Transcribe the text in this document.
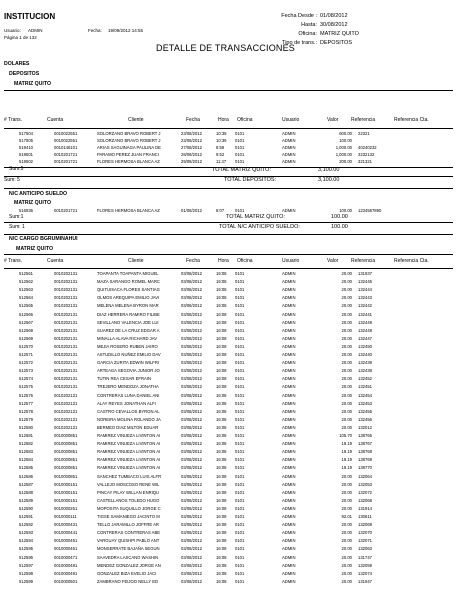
INSTITUCION
Usuario: ADMIN	Fecha: 19/09/2012 14:55
Página 1 de 132
Fecha Desde : 01/08/2012
Hasta: 30/08/2012
Oficina: MATRIZ QUITO
Tipo de trans.: DEPOSITOS
DETALLE DE TRANSACCIONES
DOLARES
DEPOSITOS
MATRIZ QUITO
# Trans.	Cuenta	Cliente	Fecha	Hora Oficina	Usuario	Valor	Referencia	Referencia Cta.
517504	0010022551	SOLORZANO BRAVO ROBERT J	23/08/2012	10:35	0101	ADMIN	600.00 22321
517505	0010022551	SOLORZANO BRAVO ROBERT J	23/08/2012	10:39	0101	ADMIN	100.00
519410	0010146101	ARIAS SAGUINAGA PAULINA DE	27/08/2012	8:59	0101	ADMIN	1,000.00 40240232
519501	0010201721	PARAMO PEREZ JUAN FRANCI	28/08/2012	9:52	0101	ADMIN	1,000.00 3232132
519502	0010201721	FLORES HERMOSA BLANCA AZ	29/08/2012	11:47	0101	ADMIN	200.00 321321
Sum:5	TOTAL MATRIZ QUITO:	3,100.00
Sum: 5	TOTAL DEPOSITOS:	3,100.00
N/C ANTICIPO SUELDO
MATRIZ QUITO
516936	0010201721	FLORES HERMOSA BLANCA AZ	01/08/2012	8:07	0101	ADMIN	100.00 1234567890
Sum:1	TOTAL MATRIZ QUITO:	100.00
Sum: 1	TOTAL N/C ANTICIPO SUELDO:	100.00
N/C CARGO BGRUMINAHUI
MATRIZ QUITO
# Trans.	Cuenta	Cliente	Fecha	Hora Oficina	Usuario	Valor	Referencia	Referencia Cta.
512561	0010202131	TOAPANTA TOAPANTA MIGUEL	03/08/2012	16:08	0101	ADMIN	20.00 131937
512562	0010202131	MAZA SARANGO ROMEL MARC	03/08/2012	16:08	0101	ADMIN	20.00 132445
512563	0010202131	QUITUISACA FLORES SANTIAG	03/08/2012	16:08	0101	ADMIN	20.00 132444
512564	0010202131	OLMOS AREQUIPA EMILIO JAVI	03/08/2012	16:08	0101	ADMIN	20.00 132443
512565	0010202131	MELENA MELENA BYRON MAR	03/08/2012	16:08	0101	ADMIN	20.00 132442
512566	0010202131	DIAZ HERRERA RAMIRO FILIBE	03/08/2012	16:08	0101	ADMIN	20.00 132441
512567	0010202131	SEVILLANO VALENCIA JOE LUI	03/08/2012	16:08	0101	ADMIN	20.00 132449
512568	0010202131	SUAREZ DE LA CRUZ EDGAR A	03/08/2012	16:08	0101	ADMIN	20.00 132448
512569	0010202131	MINALLA ALAVA RICHARD JAV	03/08/2012	16:08	0101	ADMIN	20.00 132447
512570	0010202131	MEJIA ROSERO RUBEN JAIRO	03/08/2012	16:08	0101	ADMIN	20.00 132450
512571	0010202131	ASTUDILLO NUÑEZ EMILIO DAV	03/08/2012	16:08	0101	ADMIN	20.00 132440
512572	0010202131	GARCIA ZURITA EDWIN WILFRI	03/08/2012	16:08	0101	ADMIN	20.00 132439
512573	0010202131	ARTEAGA SEGOVIA JUNIOR JO	03/08/2012	16:08	0101	ADMIN	20.00 132438
512574	0010202131	TUTIN REA CESAR EFRAIN	03/08/2012	16:08	0101	ADMIN	20.00 132452
512575	0010202131	TREJERO MENDOZA JONATHA	03/08/2012	16:08	0101	ADMIN	20.00 132451
512576	0010202131	CONTRERAS LUNA DANIEL ANI	03/08/2012	16:08	0101	ADMIN	20.00 132454
512577	0010202131	ALAY REYES JONATHAN ALFI	03/08/2012	16:08	0101	ADMIN	20.00 132453
512578	0010202131	CASTRO CEVALLOS BYRON AL	03/08/2012	16:08	0101	ADMIN	20.00 132455
512579	0010202131	NOREIRA MOLINA ROLANDO JA	03/08/2012	16:08	0101	ADMIN	20.00 132456
512580	0010202131	BERMEO DIAZ MILTON EDUAR	03/08/2012	16:08	0101	ADMIN	20.00 132012
512581	0010000851	RAMIREZ VINUEZA LIVINTON AI	03/08/2012	16:08	0101	ADMIN	105.70 138765
512582	0010000851	RAMIREZ VINUEZA LIVINTON AI	03/08/2012	16:08	0101	ADMIN	19.19 138767
512583	0010000851	RAMIREZ VINUEZA LIVINTON AI	03/08/2012	16:08	0101	ADMIN	19.19 138768
512584	0010000851	RAMIREZ VINUEZA LIVINTON AI	03/08/2012	16:08	0101	ADMIN	19.19 138769
512585	0010000851	RAMIREZ VINUEZA LIVINTON AI	03/08/2012	16:08	0101	ADMIN	19.19 138770
512586	0010000851	SANCHEZ TUMBACO LUIS ALFR	03/08/2012	16:08	0101	ADMIN	20.00 132064
512587	0010000151	VALLEJO MOSCOSO RENE WIL	03/08/2012	16:08	0101	ADMIN	20.00 132053
512588	0010000151	PINCAY PILAY WILLAN ENRIQU	03/08/2012	16:08	0101	ADMIN	20.00 132072
512589	0010000151	CASTELLANOS TOLEDO HUGO	03/08/2012	16:08	0101	ADMIN	20.00 132068
512590	0010000251	MOPOSITA SUQUILLO JORGE C	03/08/2012	16:08	0101	ADMIN	20.00 131914
512591	0010000111	TIGSE SAMANIEGO JACINTO M	03/08/2012	16:08	0101	ADMIN	92.01 130611
512592	0010000431	TELLO JARAMILLO JOFFRE AR	03/08/2012	16:08	0101	ADMIN	20.00 132069
512593	0010000441	CONTRERAS CONTRERAS ABE	03/08/2012	16:08	0101	ADMIN	20.00 132070
512594	0010000451	VARGUAY QUISHPI PABLO ANT	03/08/2012	16:08	0101	ADMIN	20.00 132071
512595	0010000461	MONSERRATE BAJAÑA SEGUN	03/08/2012	16:08	0101	ADMIN	20.00 132063
512596	0010000471	SAAVEDRA LASCANO WASHIN	03/08/2012	16:08	0101	ADMIN	20.00 131747
512597	0010000481	MENDEZ GONZALEZ JORGE AN	03/08/2012	16:08	0101	ADMIN	20.00 132059
512598	0010000491	GONZALEZ BIZA EVELIO JACI	03/08/2012	16:08	0101	ADMIN	20.00 132074
512599	0010000501	ZAMBRANO FEIJOO NELLY ED	03/08/2012	16:08	0101	ADMIN	20.00 131947
